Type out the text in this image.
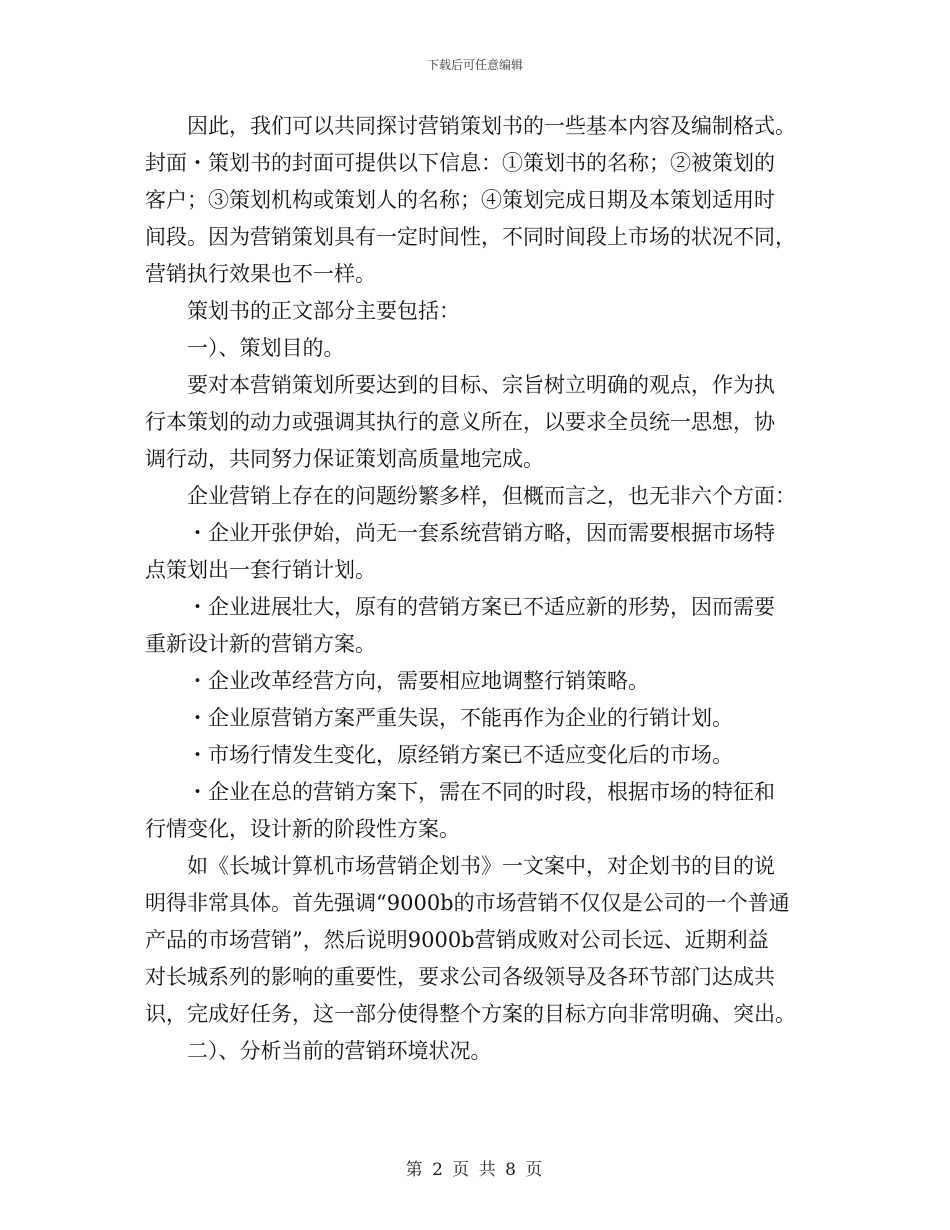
下载后可任意编辑
因此，我们可以共同探讨营销策划书的一些基本内容及编制格式。
封面・策划书的封面可提供以下信息：①策划书的名称；②被策划的
客户；③策划机构或策划人的名称；④策划完成日期及本策划适用时
间段。因为营销策划具有一定时间性，不同时间段上市场的状况不同，
营销执行效果也不一样。
策划书的正文部分主要包括：
一）、策划目的。
要对本营销策划所要达到的目标、宗旨树立明确的观点，作为执
行本策划的动力或强调其执行的意义所在，以要求全员统一思想，协
调行动，共同努力保证策划高质量地完成。
企业营销上存在的问题纷繁多样，但概而言之，也无非六个方面：
・企业开张伊始，尚无一套系统营销方略，因而需要根据市场特
点策划出一套行销计划。
・企业进展壮大，原有的营销方案已不适应新的形势，因而需要
重新设计新的营销方案。
・企业改革经营方向，需要相应地调整行销策略。
・企业原营销方案严重失误，不能再作为企业的行销计划。
・市场行情发生变化，原经销方案已不适应变化后的市场。
・企业在总的营销方案下，需在不同的时段，根据市场的特征和
行情变化，设计新的阶段性方案。
如《长城计算机市场营销企划书》一文案中，对企划书的目的说
明得非常具体。首先强调“9000b的市场营销不仅仅是公司的一个普通
产品的市场营销”，然后说明9000b营销成败对公司长远、近期利益
对长城系列的影响的重要性，要求公司各级领导及各环节部门达成共
识，完成好任务，这一部分使得整个方案的目标方向非常明确、突出。
二）、分析当前的营销环境状况。
第 2 页 共 8 页
